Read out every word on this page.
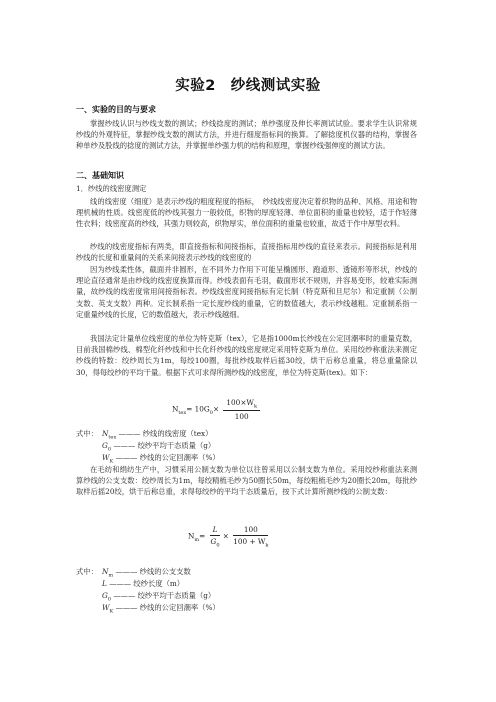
实验2　纱线测试实验
一、实验的目的与要求
掌握纱线认识与纱线支数的测试；纱线捻度的测试；单纱强度及伸长率测试试验。要求学生认识常规纱线的外观特征，掌握纱线支数的测试方法，并进行细度指标间的换算。了解捻度机仪器的结构，掌握各种单纱及股线的捻度的测试方法，并掌握单纱强力机的结构和原理，掌握纱线强伸度的测试方法。
二、基础知识
1．纱线的线密度测定
线的线密度（细度）是表示纱线的粗度程度的指标，　纱线线密度决定着织物的品种、风格、用途和物理机械的性质。线密度低的纱线其强力一般较低，织物的厚度轻薄、单位面积的重量也较轻，适于作轻薄性衣料；线密度高的纱线，其强力则较高，织物厚实，单位面积的重量也较重，故适于作中厚型衣料。
纱线的线密度指标有两类，即直接指标和间接指标，直接指标用纱线的直径来表示。间接指标是利用纱线的长度和重量间的关系来间接表示纱线的线密度的
因为纱线柔性体，截面并非圆形，在不同外力作用下可能呈椭圆形、跑道形、透镜形等形状，纱线的理论直径通常是由纱线的线密度换算而得。纱线表面有毛羽，截面形状不规则，并容易变形，较难实际测量，故纱线的线密度常用间接指标表。纱线线密度间接指标有定长制（特克斯和旦尼尔）和定重制（公制支数、英支支数）两种。定长制系指一定长度纱线的重量，它的数值越大，表示纱线越粗。定重制系指一定重量纱线的长度，它的数值越大，表示纱线越细。
我国法定计量单位线密度的单位为特克斯（tex），它是指1000m长纱线在公定回潮率时的重量克数，目前我国棉纱线、棉型化纤纱线和中长化纤纱线的线密度规定采用特克斯为单位。采用绞纱称重法来测定纱线的特数：绞纱周长为1m，每绞100圈，每批纱线取样后摇30绞，烘干后称总重量，将总重量除以30，得每绞纱的平均干量。根据下式可求得所测纱线的线密度，单位为特克斯(tex)。如下：
$N_{tex}= 10G_0\times \frac{100\times W_k}{100}$
式中： $N_{tex}$ ——— 纱线的线密度（tex）
$G_0$ ——— 绞纱平均干态质量（g）
$W_K$ ——— 纱线的公定回潮率（%）
在毛纺和绢纺生产中，习惯采用公制支数为单位以往曾采用以公制支数为单位。采用绞纱称重法来测算纱线的公支支数：绞纱周长为1m，每绞精梳毛纱为50圈长50m，每绞粗梳毛纱为20圈长20m，每批纱取样后摇20绞，烘干后称总重，求得每绞纱的平均干态质量后，按下式计算所测纱线的公制支数：
$N_m= \frac{L}{G_0} \times \frac{100}{100 + W_k}$
式中： $N_m$ ——— 纱线的公支支数
L ——— 绞纱长度（m）
$G_0$ ——— 绞纱平均干态质量（g）
$W_K$ ——— 纱线的公定回潮率（%）
